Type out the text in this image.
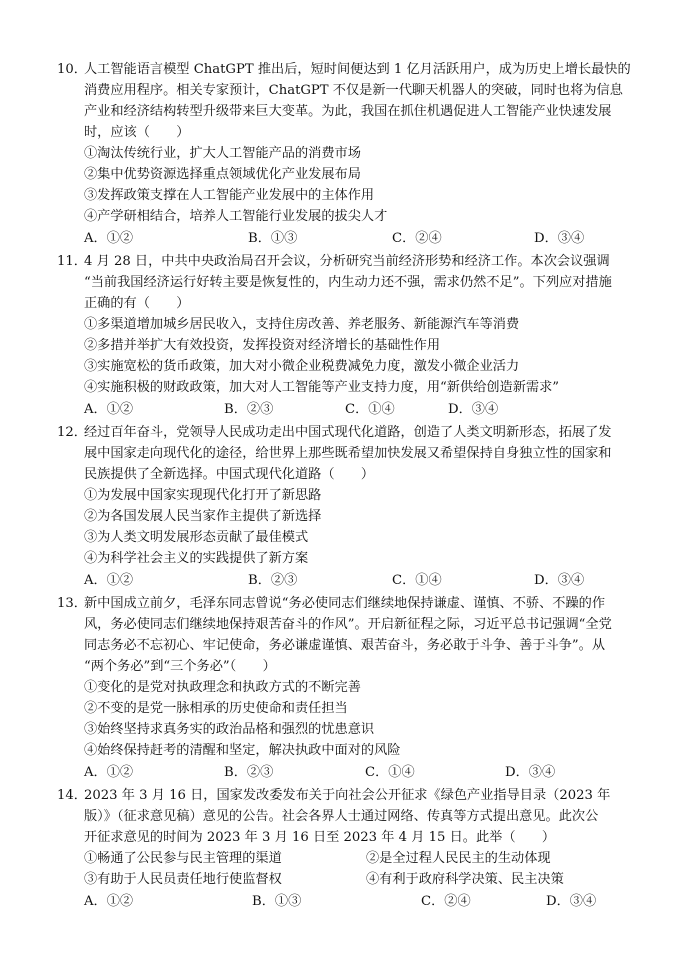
10．
人工智能语言模型 ChatGPT 推出后，短时间便达到 1 亿月活跃用户，成为历史上增长最快的
消费应用程序。相关专家预计，ChatGPT 不仅是新一代聊天机器人的突破，同时也将为信息
产业和经济结构转型升级带来巨大变革。为此，我国在抓住机遇促进人工智能产业快速发展
时，应该（　　）
①淘汰传统行业，扩大人工智能产品的消费市场
②集中优势资源选择重点领域优化产业发展布局
③发挥政策支撑在人工智能产业发展中的主体作用
④产学研相结合，培养人工智能行业发展的拔尖人才
A．①②	B．①③	C．②④	D．③④
11．
4 月 28 日，中共中央政治局召开会议，分析研究当前经济形势和经济工作。本次会议强调
“当前我国经济运行好转主要是恢复性的，内生动力还不强，需求仍然不足”。下列应对措施
正确的有（　　）
①多渠道增加城乡居民收入，支持住房改善、养老服务、新能源汽车等消费
②多措并举扩大有效投资，发挥投资对经济增长的基础性作用
③实施宽松的货币政策，加大对小微企业税费减免力度，激发小微企业活力
④实施积极的财政政策，加大对人工智能等产业支持力度，用“新供给创造新需求”
A．①②	B．②③	C．①④	D．③④
12．
经过百年奋斗，党领导人民成功走出中国式现代化道路，创造了人类文明新形态，拓展了发
展中国家走向现代化的途径，给世界上那些既希望加快发展又希望保持自身独立性的国家和
民族提供了全新选择。中国式现代化道路（　　）
①为发展中国家实现现代化打开了新思路
②为各国发展人民当家作主提供了新选择
③为人类文明发展形态贡献了最佳模式
④为科学社会主义的实践提供了新方案
A．①②	B．②③	C．①④	D．③④
13．
新中国成立前夕，毛泽东同志曾说“务必使同志们继续地保持谦虚、谨慎、不骄、不躁的作
风，务必使同志们继续地保持艰苦奋斗的作风”。开启新征程之际，习近平总书记强调“全党
同志务必不忘初心、牢记使命，务必谦虚谨慎、艰苦奋斗，务必敢于斗争、善于斗争”。从
“两个务必”到“三个务必”（　　）
①变化的是党对执政理念和执政方式的不断完善
②不变的是党一脉相承的历史使命和责任担当
③始终坚持求真务实的政治品格和强烈的忧患意识
④始终保持赶考的清醒和坚定，解决执政中面对的风险
A．①②	B．②③	C．①④	D．③④
14．
2023 年 3 月 16 日，国家发改委发布关于向社会公开征求《绿色产业指导目录（2023 年
版）》（征求意见稿）意见的公告。社会各界人士通过网络、传真等方式提出意见。此次公
开征求意见的时间为 2023 年 3 月 16 日至 2023 年 4 月 15 日。此举（　　）
①畅通了公民参与民主管理的渠道	②是全过程人民民主的生动体现
③有助于人民员责任地行使监督权	④有利于政府科学决策、民主决策
A．①②	B．①③	C．②④	D．③④
